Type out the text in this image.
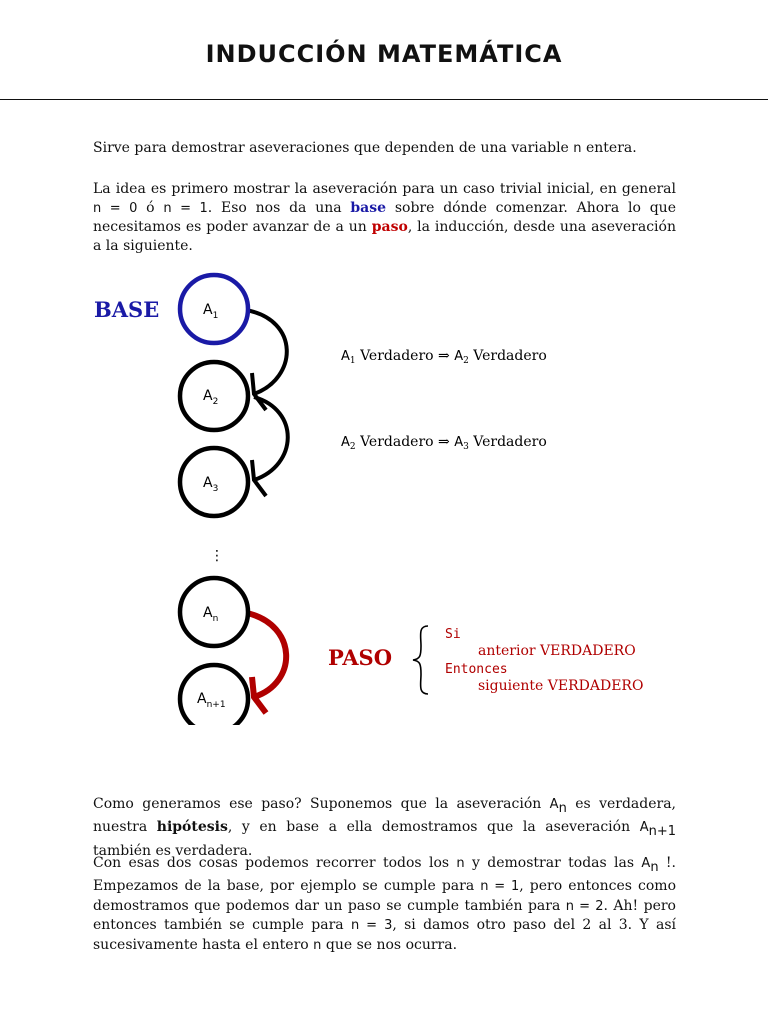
INDUCCIÓN MATEMÁTICA
Sirve para demostrar aseveraciones que dependen de una variable n entera.
La idea es primero mostrar la aseveración para un caso trivial inicial, en general n = 0 ó n = 1. Eso nos da una base sobre dónde comenzar. Ahora lo que necesitamos es poder avanzar de a un paso, la inducción, desde una aseveración a la siguiente.
BASE
PASO
$A_1$
$A_2$
$A_3$
⋮
$A_n$
$A_{n+1}$
$A_1$ Verdadero ⇒ $A_2$ Verdadero
$A_2$ Verdadero ⇒ $A_3$ Verdadero
Si
anterior VERDADERO
Entonces
siguiente VERDADERO
Como generamos ese paso? Suponemos que la aseveración $A_n$ es verdadera, nuestra hipótesis, y en base a ella demostramos que la aseveración $A_{n+1}$ también es verdadera.
Con esas dos cosas podemos recorrer todos los n y demostrar todas las $A_n$ !. Empezamos de la base, por ejemplo se cumple para n = 1, pero entonces como demostramos que podemos dar un paso se cumple también para n = 2. Ah! pero entonces también se cumple para n = 3, si damos otro paso del 2 al 3. Y así sucesivamente hasta el entero n que se nos ocurra.
